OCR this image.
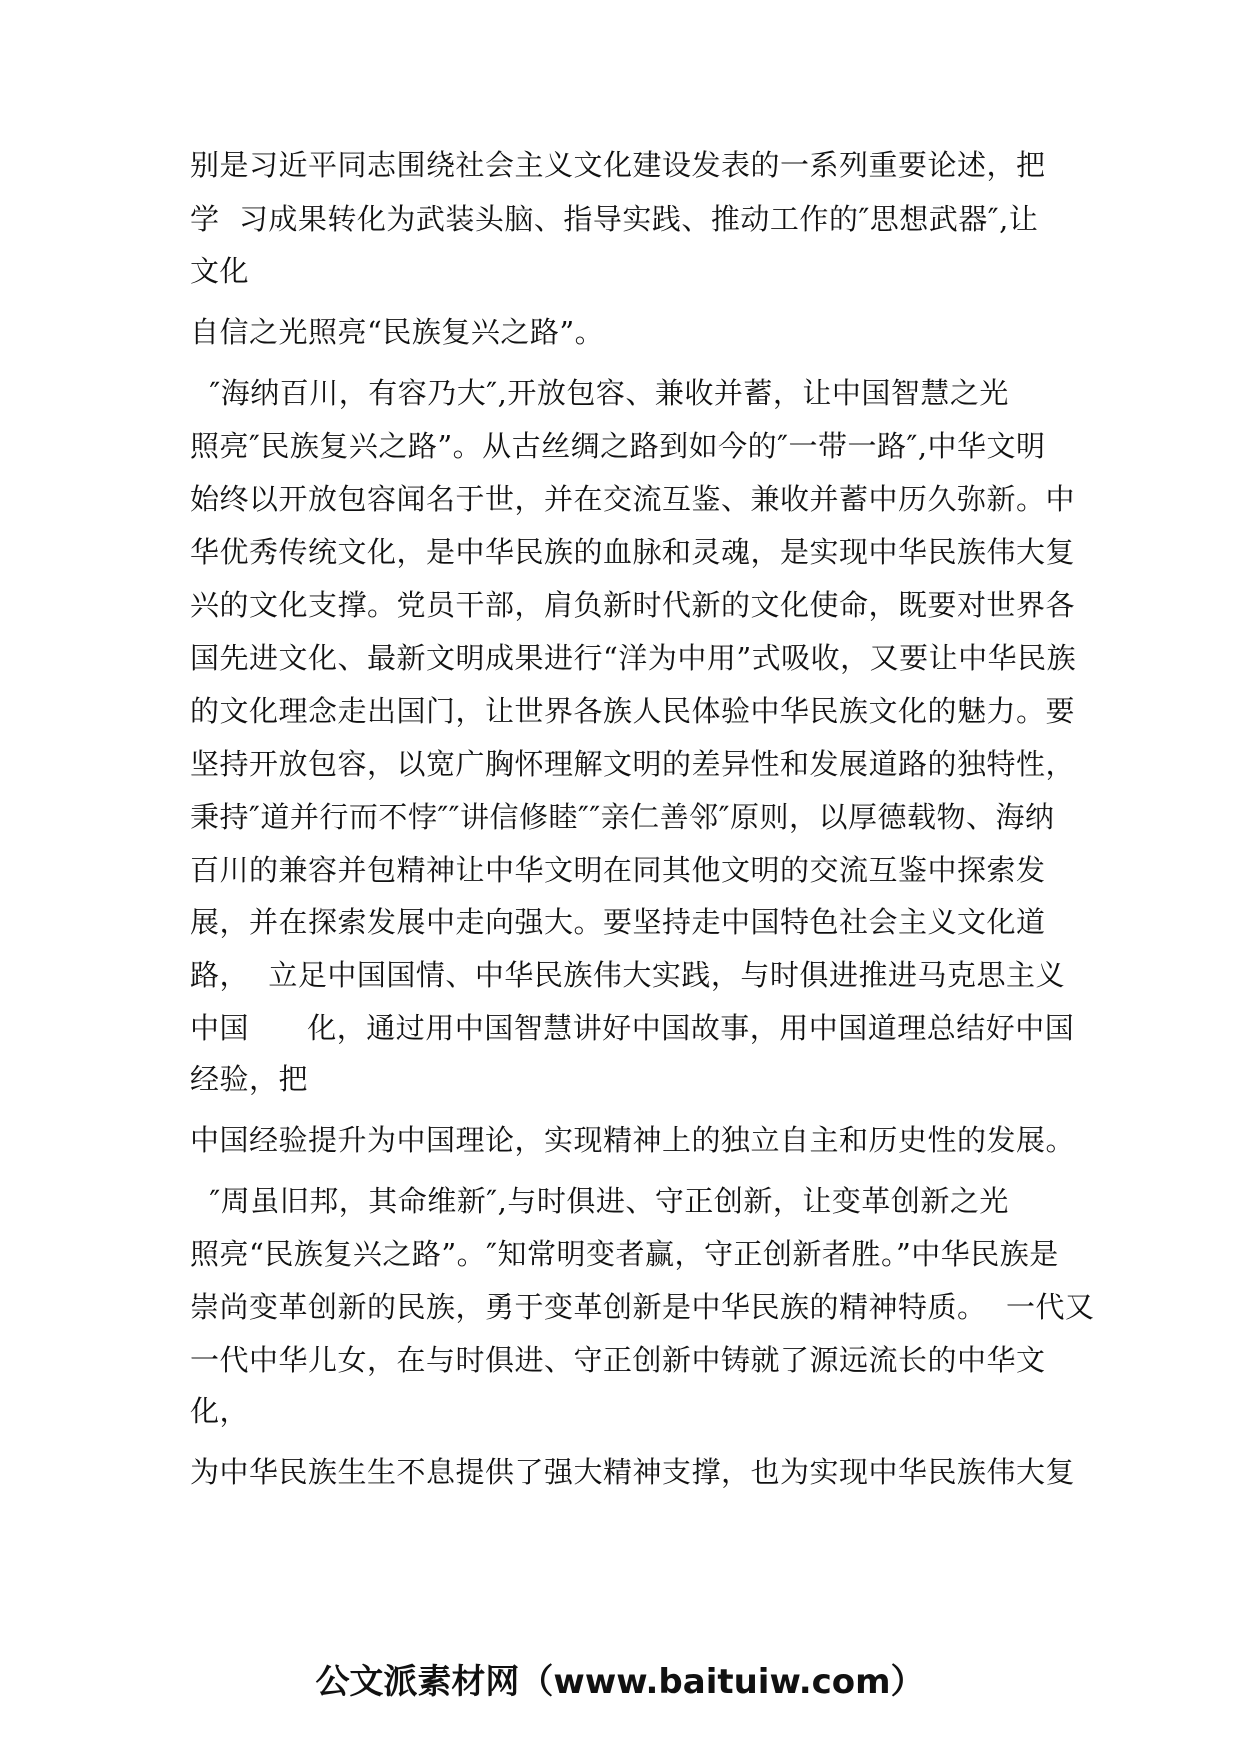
别是习近平同志围绕社会主义文化建设发表的一系列重要论述，把
学  习成果转化为武装头脑、指导实践、推动工作的″思想武器″,让
文化
自信之光照亮“民族复兴之路”。
″海纳百川，有容乃大″,开放包容、兼收并蓄，让中国智慧之光
照亮″民族复兴之路”。从古丝绸之路到如今的″一带一路″,中华文明
始终以开放包容闻名于世，并在交流互鉴、兼收并蓄中历久弥新。中
华优秀传统文化，是中华民族的血脉和灵魂，是实现中华民族伟大复
兴的文化支撑。党员干部，肩负新时代新的文化使命，既要对世界各
国先进文化、最新文明成果进行“洋为中用”式吸收，又要让中华民族
的文化理念走出国门，让世界各族人民体验中华民族文化的魅力。要
坚持开放包容，以宽广胸怀理解文明的差异性和发展道路的独特性，
秉持″道并行而不悖″″讲信修睦″″亲仁善邻″原则，以厚德载物、海纳
百川的兼容并包精神让中华文明在同其他文明的交流互鉴中探索发
展，并在探索发展中走向强大。要坚持走中国特色社会主义文化道
路，  立足中国国情、中华民族伟大实践，与时俱进推进马克思主义
中国      化，通过用中国智慧讲好中国故事，用中国道理总结好中国
经验，把
中国经验提升为中国理论，实现精神上的独立自主和历史性的发展。
″周虽旧邦，其命维新″,与时俱进、守正创新，让变革创新之光
照亮“民族复兴之路”。″知常明变者赢，守正创新者胜。”中华民族是
崇尚变革创新的民族，勇于变革创新是中华民族的精神特质。  一代又
一代中华儿女，在与时俱进、守正创新中铸就了源远流长的中华文
化，
为中华民族生生不息提供了强大精神支撑，也为实现中华民族伟大复
公文派素材网（www.baituiw.com）
